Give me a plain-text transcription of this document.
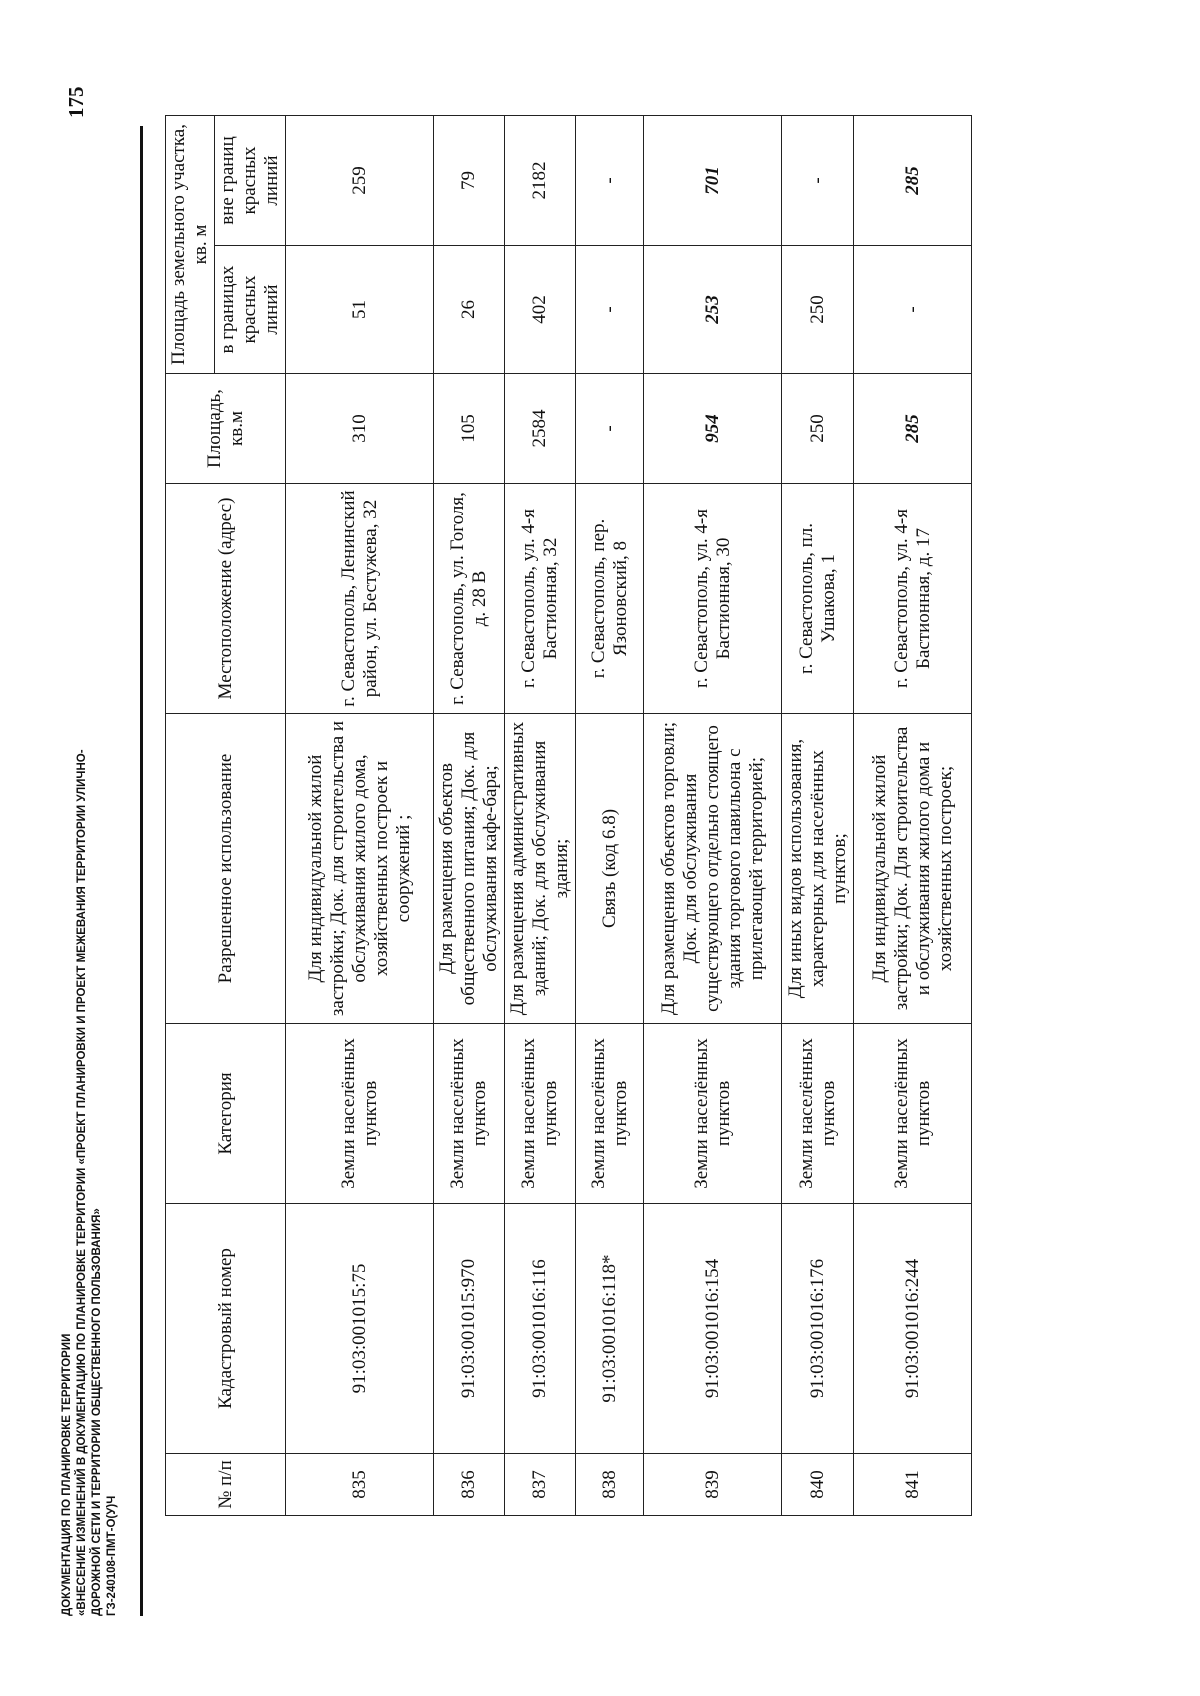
175
ДОКУМЕНТАЦИЯ ПО ПЛАНИРОВКЕ ТЕРРИТОРИИ «ВНЕСЕНИЕ ИЗМЕНЕНИЙ В ДОКУМЕНТАЦИЮ ПО ПЛАНИРОВКЕ ТЕРРИТОРИИ «ПРОЕКТ ПЛАНИРОВКИ И ПРОЕКТ МЕЖЕВАНИЯ ТЕРРИТОРИИ УЛИЧНО- ДОРОЖНОЙ СЕТИ И ТЕРРИТОРИИ ОБЩЕСТВЕННОГО ПОЛЬЗОВАНИЯ» ГЗ-240108-ПМТ-О(У)Ч
№ п/п	Кадастровый номер	Категория	Разрешенное использование	Местоположение (адрес)	Площадь, кв.м	Площадь земельного участка, кв. м	
						в границах красных линий	вне границ красных линий
835	91:03:001015:75	Земли населённых пунктов	Для индивидуальной жилой застройки; Док. для строительства и обслуживания жилого дома, хозяйственных построек и сооружений ;	г. Севастополь, Ленинский район, ул. Бестужева, 32	310	51	259
836	91:03:001015:970	Земли населённых пунктов	Для размещения объектов общественного питания; Док. для обслуживания кафе-бара;	г. Севастополь, ул. Гоголя, д. 28 В	105	26	79
837	91:03:001016:116	Земли населённых пунктов	Для размещения административных зданий; Док. для обслуживания здания;	г. Севастополь, ул. 4-я Бастионная, 32	2584	402	2182
838	91:03:001016:118*	Земли населённых пунктов	Связь (код 6.8)	г. Севастополь, пер. Язоновский, 8	-	-	-
839	91:03:001016:154	Земли населённых пунктов	Для размещения объектов торговли; Док. для обслуживания существующего отдельно стоящего здания торгового павильона с прилегающей территорией;	г. Севастополь, ул. 4-я Бастионная, 30	954	253	701
840	91:03:001016:176	Земли населённых пунктов	Для иных видов использования, характерных для населённых пунктов;	г. Севастополь, пл. Ушакова, 1	250	250	-
841	91:03:001016:244	Земли населённых пунктов	Для индивидуальной жилой застройки; Док. Для строительства и обслуживания жилого дома и хозяйственных построек;	г. Севастополь, ул. 4-я Бастионная, д. 17	285	-	285
